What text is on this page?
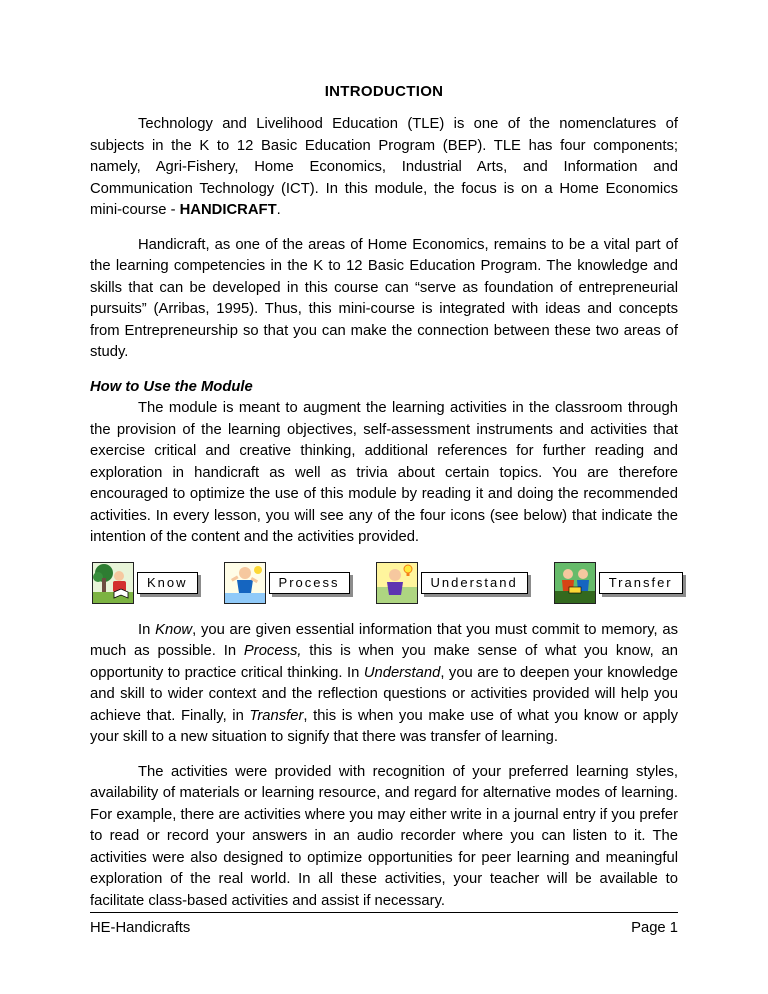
INTRODUCTION

Technology and Livelihood Education (TLE) is one of the nomenclatures of subjects in the K to 12 Basic Education Program (BEP). TLE has four components; namely, Agri-Fishery, Home Economics, Industrial Arts, and Information and Communication Technology (ICT). In this module, the focus is on a Home Economics mini-course - HANDICRAFT.

Handicraft, as one of the areas of Home Economics, remains to be a vital part of the learning competencies in the K to 12 Basic Education Program. The knowledge and skills that can be developed in this course can “serve as foundation of entrepreneurial pursuits” (Arribas, 1995). Thus, this mini-course is integrated with ideas and concepts from Entrepreneurship so that you can make the connection between these two areas of study.

How to Use the Module

The module is meant to augment the learning activities in the classroom through the provision of the learning objectives, self-assessment instruments and activities that exercise critical and creative thinking, additional references for further reading and exploration in handicraft as well as trivia about certain topics. You are therefore encouraged to optimize the use of this module by reading it and doing the recommended activities. In every lesson, you will see any of the four icons (see below) that indicate the intention of the content and the activities provided.

Know	Process	Understand	Transfer

In Know, you are given essential information that you must commit to memory, as much as possible. In Process, this is when you make sense of what you know, an opportunity to practice critical thinking. In Understand, you are to deepen your knowledge and skill to wider context and the reflection questions or activities provided will help you achieve that. Finally, in Transfer, this is when you make use of what you know or apply your skill to a new situation to signify that there was transfer of learning.

The activities were provided with recognition of your preferred learning styles, availability of materials or learning resource, and regard for alternative modes of learning. For example, there are activities where you may either write in a journal entry if you prefer to read or record your answers in an audio recorder where you can listen to it. The activities were also designed to optimize opportunities for peer learning and meaningful exploration of the real world. In all these activities, your teacher will be available to facilitate class-based activities and assist if necessary.

HE-Handicrafts	Page 1
